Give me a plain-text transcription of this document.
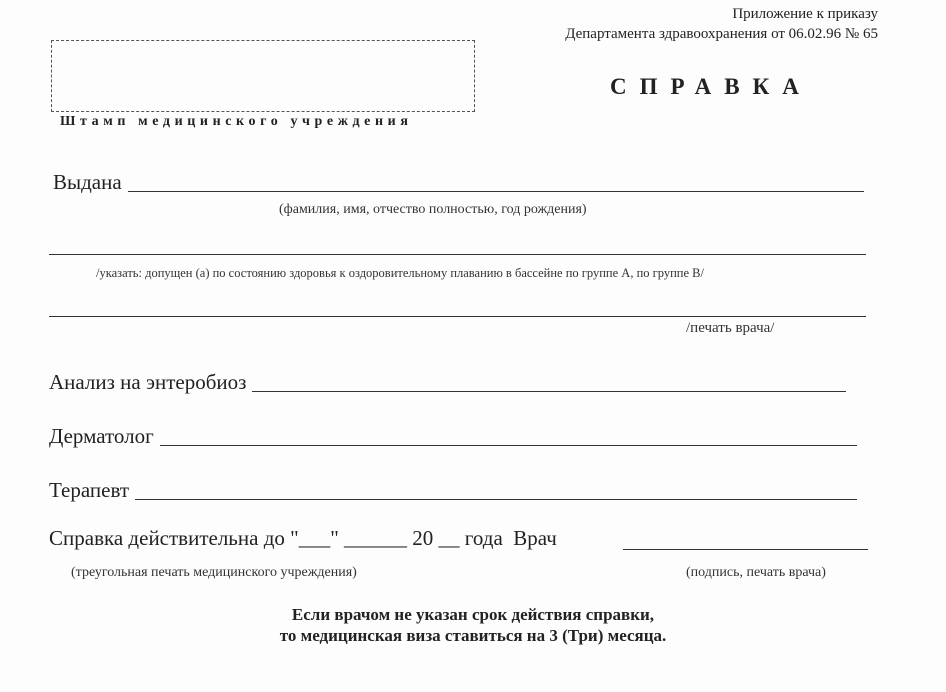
Приложение к приказу
Департамента здравоохранения от 06.02.96 № 65
Штамп медицинского учреждения
СПРАВКА
Выдана
(фамилия, имя, отчество полностью, год рождения)
/указать: допущен (а) по состоянию здоровья к оздоровительному плаванию в бассейне по группе А, по группе В/
/печать врача/
Анализ на энтеробиоз
Дерматолог
Терапевт
Справка действительна до "___" ______ 20 __ года Врач
(треугольная печать медицинского учреждения)	(подпись, печать врача)
Если врачом не указан срок действия справки,
то медицинская виза ставиться на 3 (Три) месяца.
